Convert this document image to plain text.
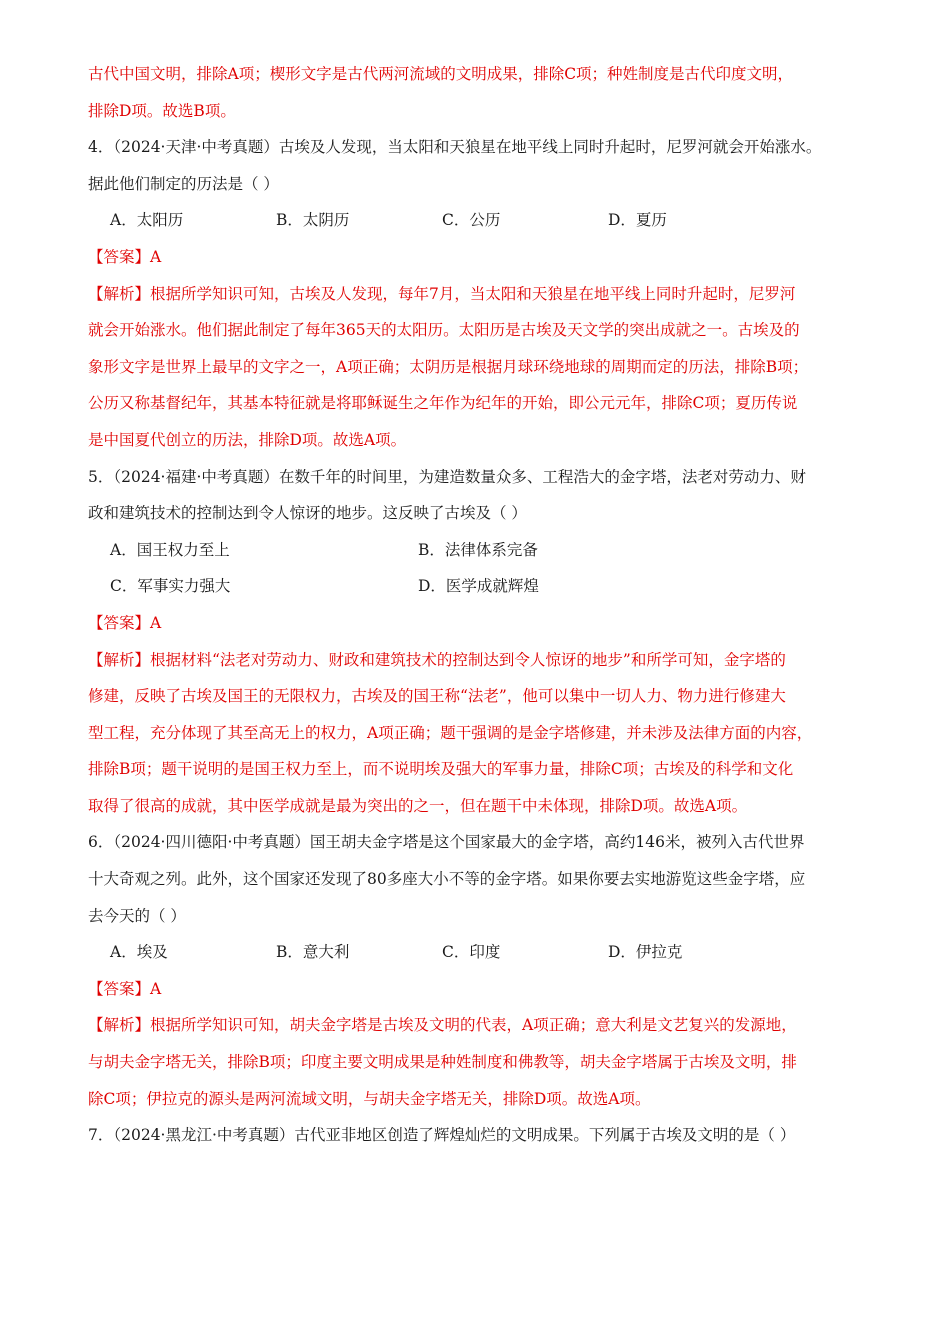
古代中国文明，排除A项；楔形文字是古代两河流域的文明成果，排除C项；种姓制度是古代印度文明，
排除D项。故选B项。
4．（2024·天津·中考真题）古埃及人发现，当太阳和天狼星在地平线上同时升起时，尼罗河就会开始涨水。
据此他们制定的历法是（ ）
A．太阳历	B．太阴历	C．公历	D．夏历
【答案】A
【解析】根据所学知识可知，古埃及人发现，每年7月，当太阳和天狼星在地平线上同时升起时，尼罗河
就会开始涨水。他们据此制定了每年365天的太阳历。太阳历是古埃及天文学的突出成就之一。古埃及的
象形文字是世界上最早的文字之一，A项正确；太阴历是根据月球环绕地球的周期而定的历法，排除B项；
公历又称基督纪年，其基本特征就是将耶稣诞生之年作为纪年的开始，即公元元年，排除C项；夏历传说
是中国夏代创立的历法，排除D项。故选A项。
5．（2024·福建·中考真题）在数千年的时间里，为建造数量众多、工程浩大的金字塔，法老对劳动力、财
政和建筑技术的控制达到令人惊讶的地步。这反映了古埃及（ ）
A．国王权力至上	B．法律体系完备
C．军事实力强大	D．医学成就辉煌
【答案】A
【解析】根据材料“法老对劳动力、财政和建筑技术的控制达到令人惊讶的地步”和所学可知，金字塔的
修建，反映了古埃及国王的无限权力，古埃及的国王称“法老”，他可以集中一切人力、物力进行修建大
型工程，充分体现了其至高无上的权力，A项正确；题干强调的是金字塔修建，并未涉及法律方面的内容，
排除B项；题干说明的是国王权力至上，而不说明埃及强大的军事力量，排除C项；古埃及的科学和文化
取得了很高的成就，其中医学成就是最为突出的之一，但在题干中未体现，排除D项。故选A项。
6．（2024·四川德阳·中考真题）国王胡夫金字塔是这个国家最大的金字塔，高约146米，被列入古代世界
十大奇观之列。此外，这个国家还发现了80多座大小不等的金字塔。如果你要去实地游览这些金字塔，应
去今天的（ ）
A．埃及	B．意大利	C．印度	D．伊拉克
【答案】A
【解析】根据所学知识可知，胡夫金字塔是古埃及文明的代表，A项正确；意大利是文艺复兴的发源地，
与胡夫金字塔无关，排除B项；印度主要文明成果是种姓制度和佛教等，胡夫金字塔属于古埃及文明，排
除C项；伊拉克的源头是两河流域文明，与胡夫金字塔无关，排除D项。故选A项。
7．（2024·黑龙江·中考真题）古代亚非地区创造了辉煌灿烂的文明成果。下列属于古埃及文明的是（ ）
